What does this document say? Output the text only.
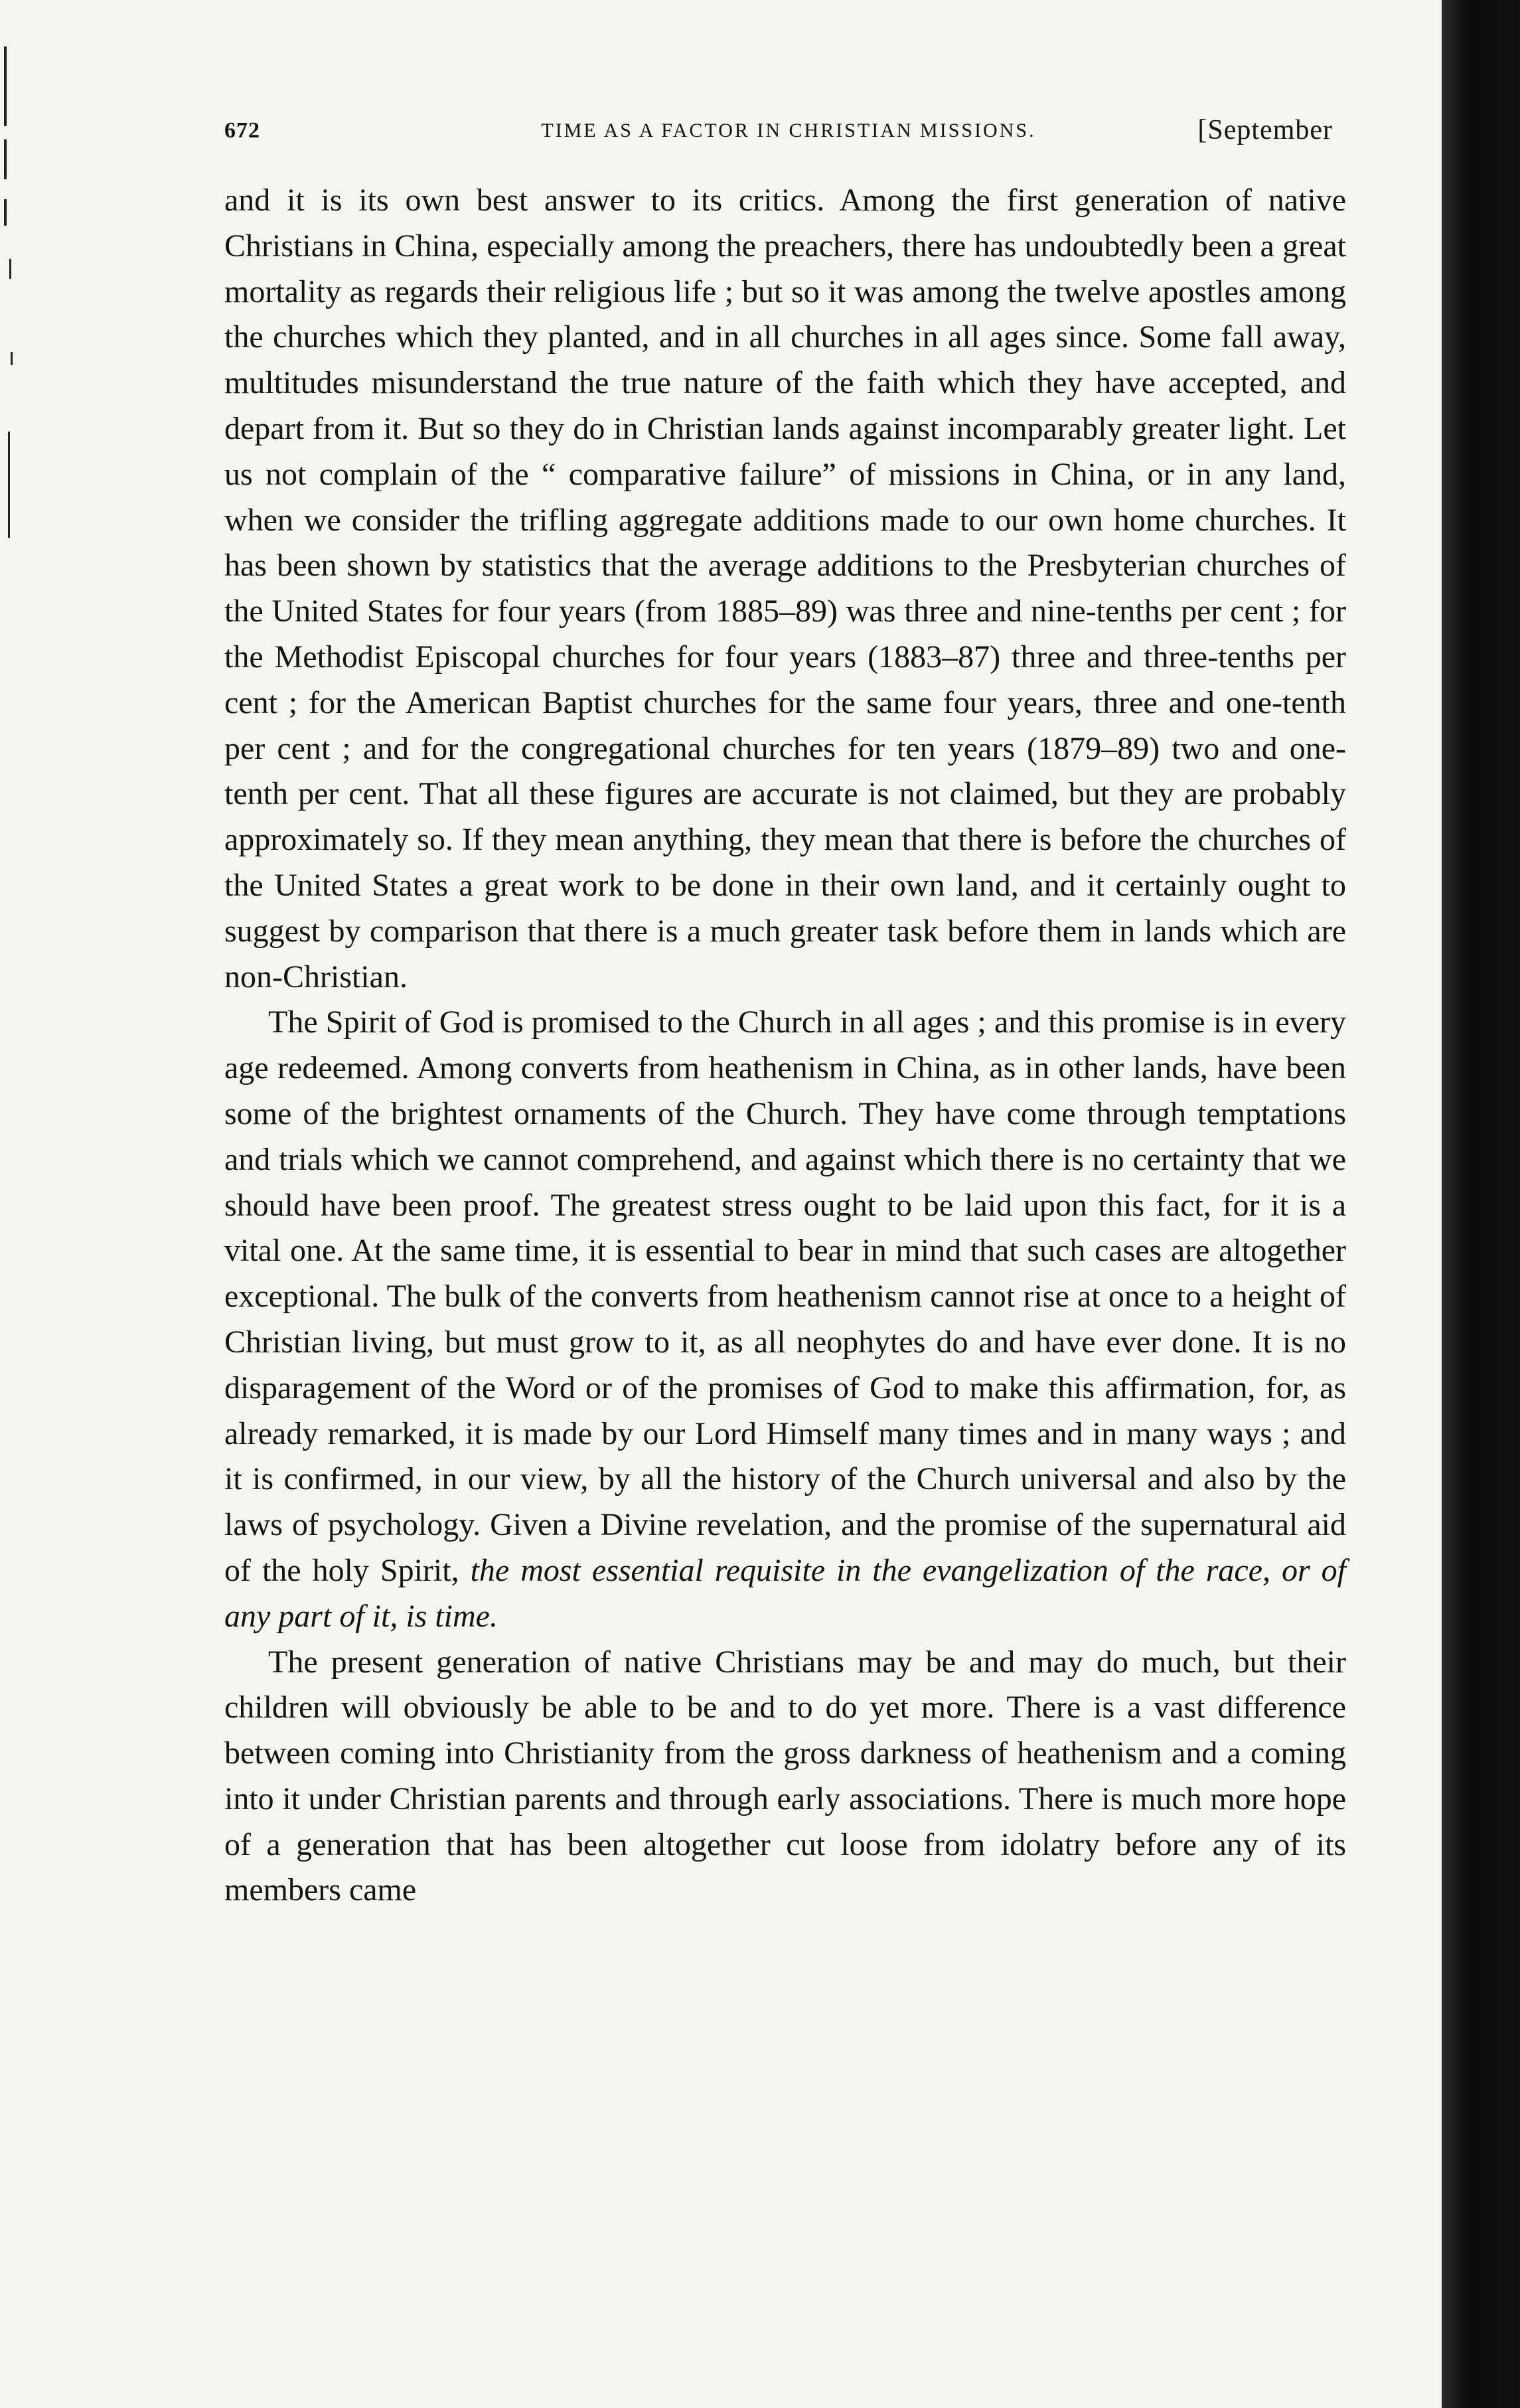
672	TIME AS A FACTOR IN CHRISTIAN MISSIONS.	[September

and it is its own best answer to its critics. Among the first generation of native Christians in China, especially among the preachers, there has undoubtedly been a great mortality as regards their religious life ; but so it was among the twelve apostles among the churches which they planted, and in all churches in all ages since. Some fall away, multitudes misunderstand the true nature of the faith which they have accepted, and depart from it. But so they do in Christian lands against incomparably greater light. Let us not complain of the “ comparative failure” of missions in China, or in any land, when we consider the trifling aggregate additions made to our own home churches. It has been shown by statistics that the average additions to the Presbyterian churches of the United States for four years (from 1885–89) was three and nine-tenths per cent ; for the Methodist Episcopal churches for four years (1883–87) three and three-tenths per cent ; for the American Baptist churches for the same four years, three and one-tenth per cent ; and for the congregational churches for ten years (1879–89) two and one-tenth per cent. That all these figures are accurate is not claimed, but they are probably approximately so. If they mean anything, they mean that there is before the churches of the United States a great work to be done in their own land, and it certainly ought to suggest by comparison that there is a much greater task before them in lands which are non-Christian.

The Spirit of God is promised to the Church in all ages ; and this promise is in every age redeemed. Among converts from heathenism in China, as in other lands, have been some of the brightest ornaments of the Church. They have come through temptations and trials which we cannot comprehend, and against which there is no certainty that we should have been proof. The greatest stress ought to be laid upon this fact, for it is a vital one. At the same time, it is essential to bear in mind that such cases are altogether exceptional. The bulk of the converts from heathenism cannot rise at once to a height of Christian living, but must grow to it, as all neophytes do and have ever done. It is no disparagement of the Word or of the promises of God to make this affirmation, for, as already remarked, it is made by our Lord Himself many times and in many ways ; and it is confirmed, in our view, by all the history of the Church universal and also by the laws of psychology. Given a Divine revelation, and the promise of the supernatural aid of the holy Spirit, the most essential requisite in the evangelization of the race, or of any part of it, is time.

The present generation of native Christians may be and may do much, but their children will obviously be able to be and to do yet more. There is a vast difference between coming into Christianity from the gross darkness of heathenism and a coming into it under Christian parents and through early associations. There is much more hope of a generation that has been altogether cut loose from idolatry before any of its members came
